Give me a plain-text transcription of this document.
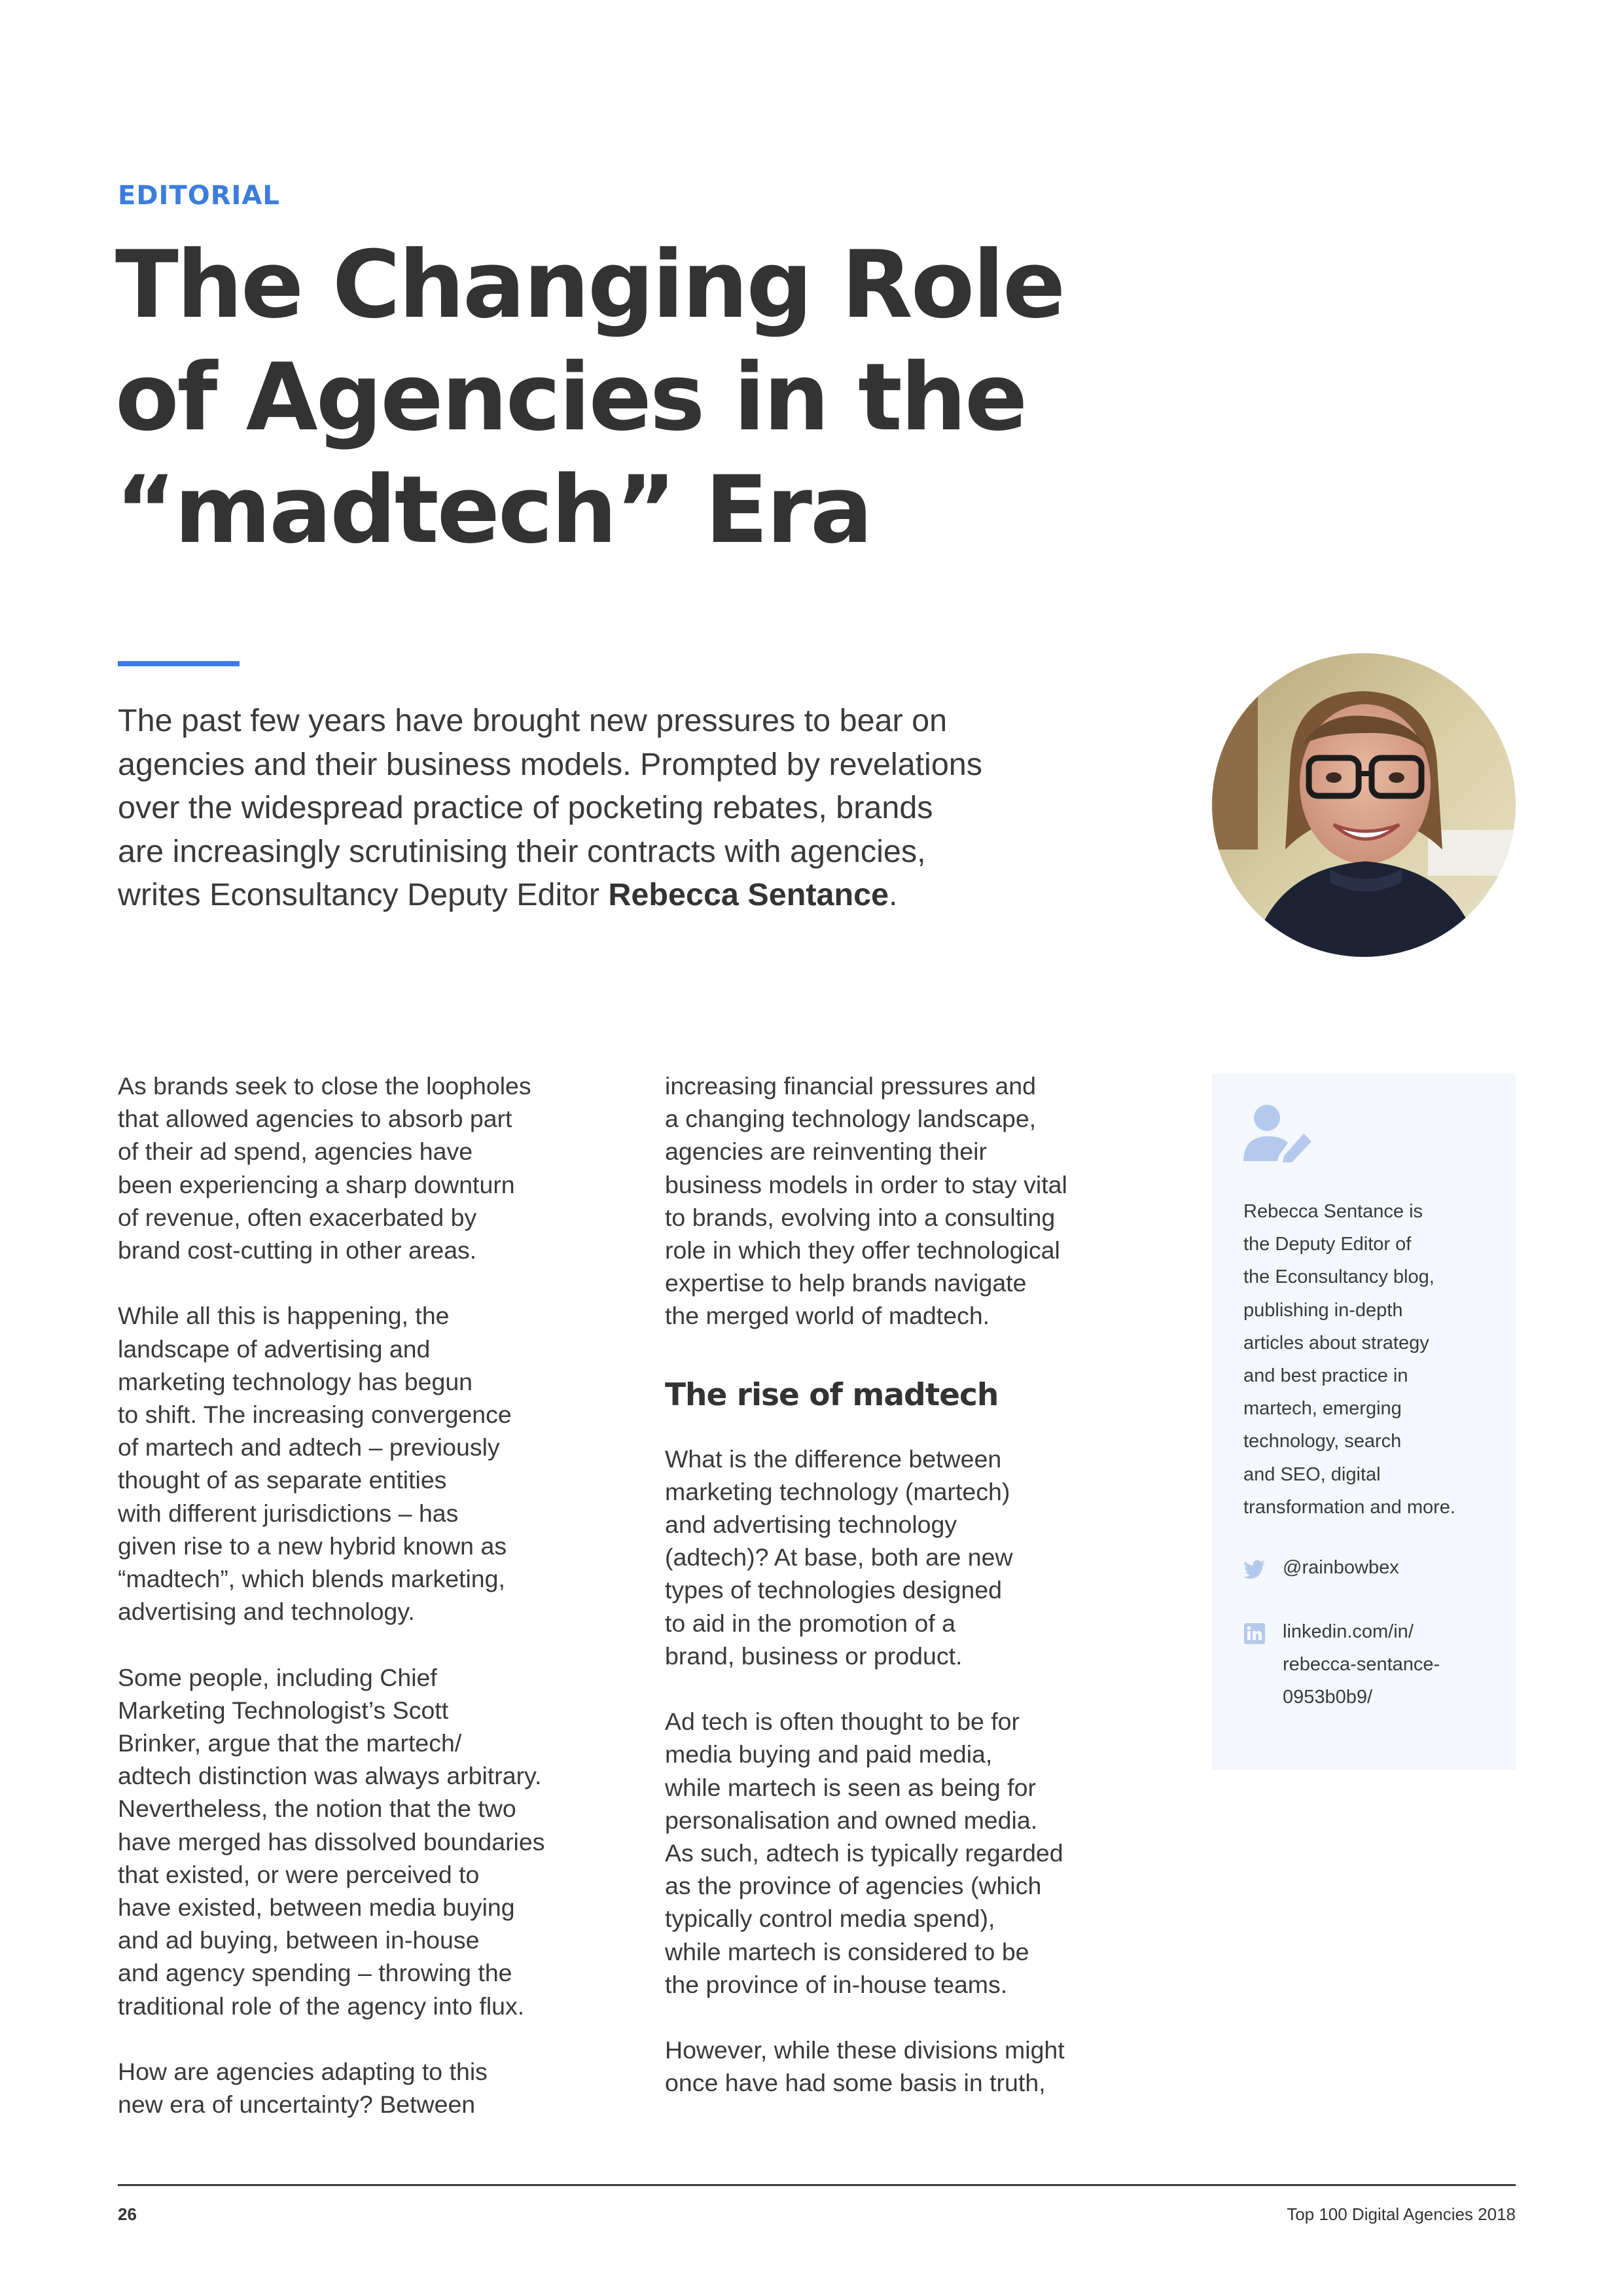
EDITORIAL
The Changing Role
of Agencies in the
“madtech” Era

The past few years have brought new pressures to bear on
agencies and their business models. Prompted by revelations
over the widespread practice of pocketing rebates, brands
are increasingly scrutinising their contracts with agencies,
writes Econsultancy Deputy Editor Rebecca Sentance.

As brands seek to close the loopholes
that allowed agencies to absorb part
of their ad spend, agencies have
been experiencing a sharp downturn
of revenue, often exacerbated by
brand cost-cutting in other areas.

While all this is happening, the
landscape of advertising and
marketing technology has begun
to shift. The increasing convergence
of martech and adtech – previously
thought of as separate entities
with different jurisdictions – has
given rise to a new hybrid known as
“madtech”, which blends marketing,
advertising and technology.

Some people, including Chief
Marketing Technologist’s Scott
Brinker, argue that the martech/
adtech distinction was always arbitrary.
Nevertheless, the notion that the two
have merged has dissolved boundaries
that existed, or were perceived to
have existed, between media buying
and ad buying, between in-house
and agency spending – throwing the
traditional role of the agency into flux.

How are agencies adapting to this
new era of uncertainty? Between

increasing financial pressures and
a changing technology landscape,
agencies are reinventing their
business models in order to stay vital
to brands, evolving into a consulting
role in which they offer technological
expertise to help brands navigate
the merged world of madtech.

The rise of madtech

What is the difference between
marketing technology (martech)
and advertising technology
(adtech)? At base, both are new
types of technologies designed
to aid in the promotion of a
brand, business or product.

Ad tech is often thought to be for
media buying and paid media,
while martech is seen as being for
personalisation and owned media.
As such, adtech is typically regarded
as the province of agencies (which
typically control media spend),
while martech is considered to be
the province of in-house teams.

However, while these divisions might
once have had some basis in truth,

Rebecca Sentance is
the Deputy Editor of
the Econsultancy blog,
publishing in-depth
articles about strategy
and best practice in
martech, emerging
technology, search
and SEO, digital
transformation and more.

@rainbowbex
linkedin.com/in/
rebecca-sentance-
0953b0b9/
26	Top 100 Digital Agencies 2018
